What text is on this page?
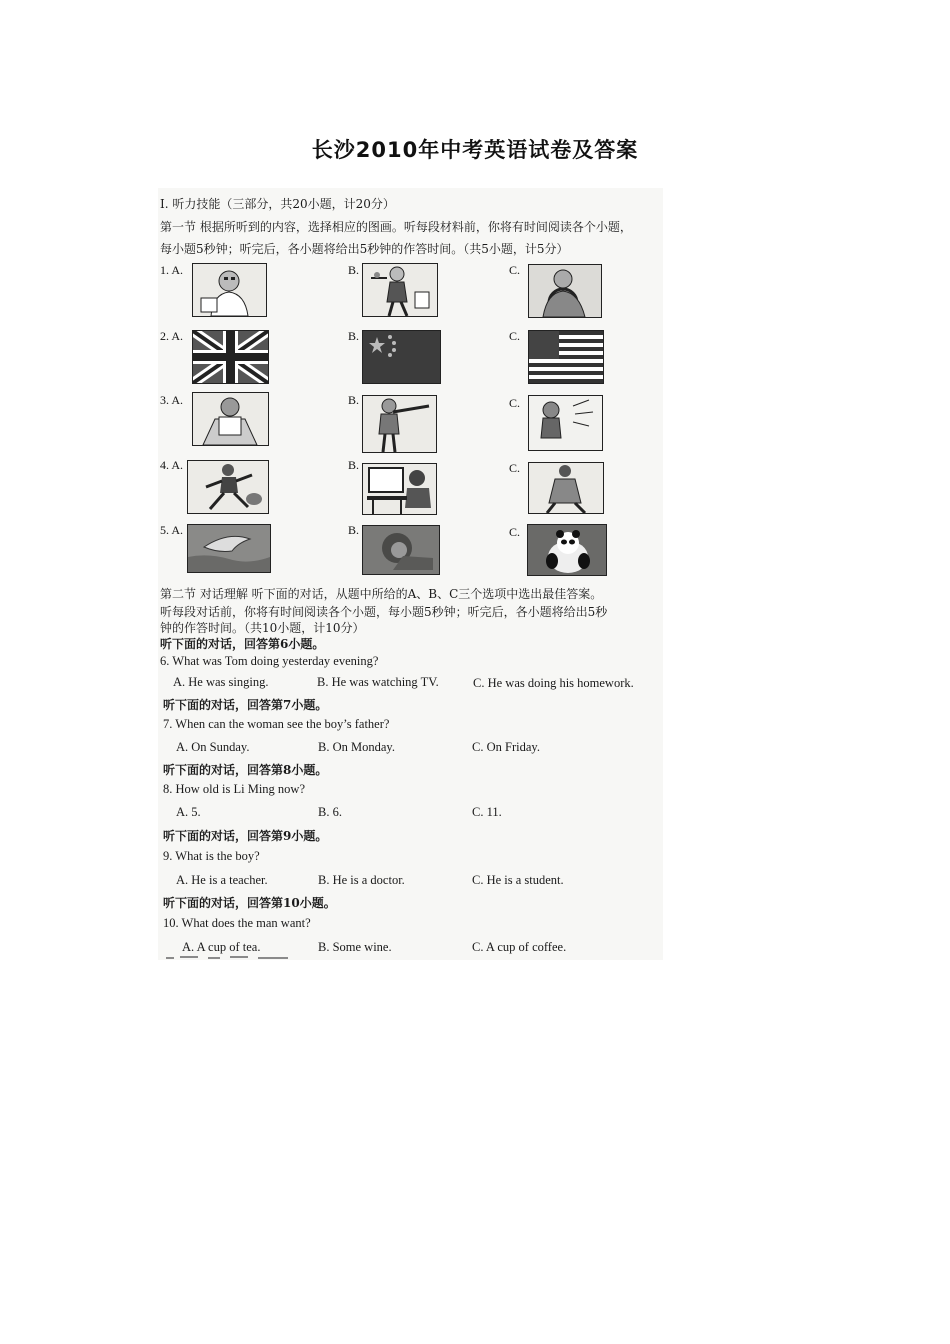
长沙2010年中考英语试卷及答案
I. 听力技能（三部分，共20小题，计20分）
第一节 根据所听到的内容，选择相应的图画。听每段材料前，你将有时间阅读各个小题，
每小题5秒钟；听完后，各小题将给出5秒钟的作答时间。（共5小题，计5分）
1. A.	B.	C.
2. A.	B.	C.
3. A.	B.	C.
4. A.	B.	C.
5. A.	B.	C.
第二节 对话理解 听下面的对话，从题中所给的A、B、C三个选项中选出最佳答案。
听每段对话前，你将有时间阅读各个小题，每小题5秒钟；听完后，各小题将给出5秒
钟的作答时间。（共10小题，计10分）
听下面的对话，回答第6小题。
6. What was Tom doing yesterday evening?
A. He was singing.	B. He was watching TV.	C. He was doing his homework.
听下面的对话，回答第7小题。
7. When can the woman see the boy’s father?
A. On Sunday.	B. On Monday.	C. On Friday.
听下面的对话，回答第8小题。
8. How old is Li Ming now?
A. 5.	B. 6.	C. 11.
听下面的对话，回答第9小题。
9. What is the boy?
A. He is a teacher.	B. He is a doctor.	C. He is a student.
听下面的对话，回答第10小题。
10. What does the man want?
A. A cup of tea.	B. Some wine.	C. A cup of coffee.
